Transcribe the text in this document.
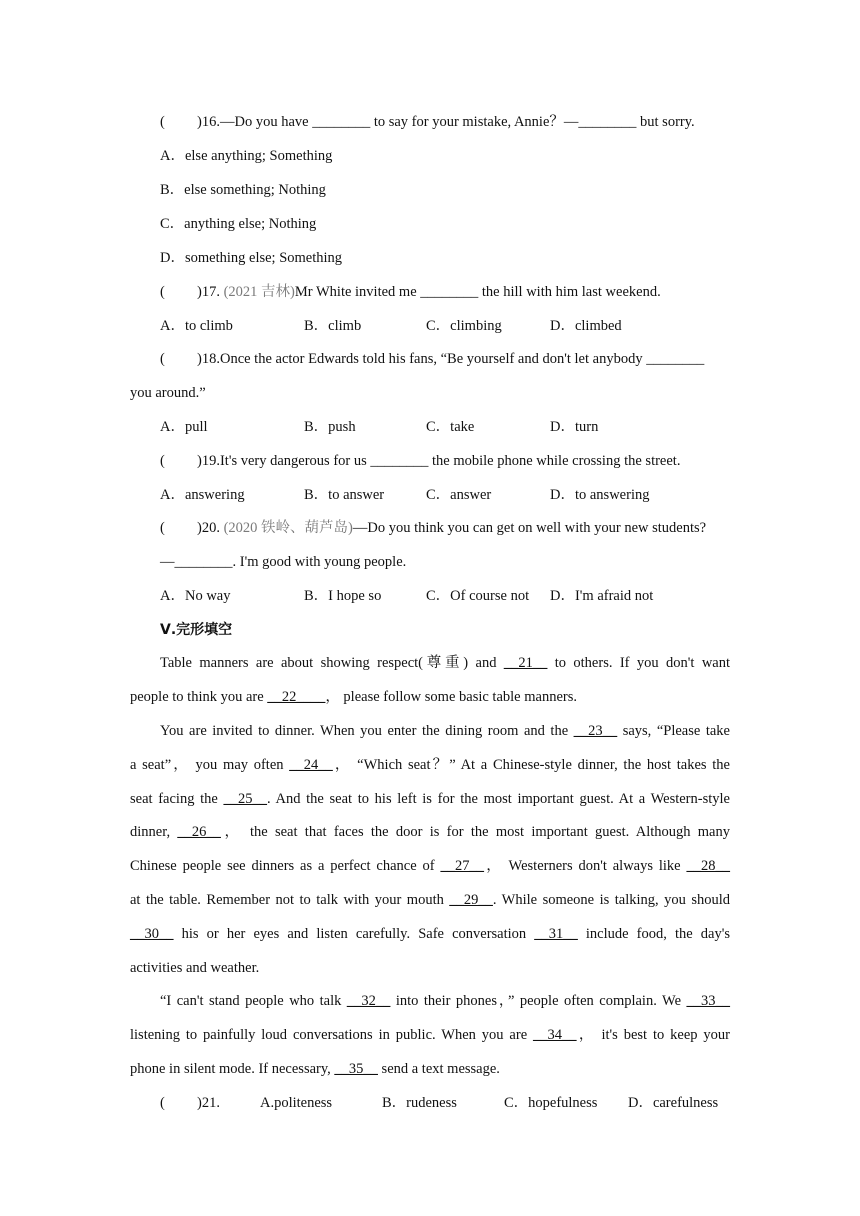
( )16.—Do you have ________ to say for your mistake, Annie？—________ but sorry.
A．else anything; Something
B．else something; Nothing
C．anything else; Nothing
D．something else; Something
( )17. (2021 吉林)Mr White invited me ________ the hill with him last weekend.
A．to climb	B．climb	C．climbing	D．climbed
( )18.Once the actor Edwards told his fans, “Be yourself and don't let anybody ________
you around.”
A．pull	B．push	C．take	D．turn
( )19.It's very dangerous for us ________ the mobile phone while crossing the street.
A．answering	B．to answer	C．answer	D．to answering
( )20. (2020 铁岭、葫芦岛)—Do you think you can get on well with your new students?
—________. I'm good with young people.
A．No way	B．I hope so	C．Of course not	D．I'm afraid not
Ⅴ.完形填空
Table manners are about showing respect(尊重) and __21__ to others. If you don't want
people to think you are __22____， please follow some basic table manners.
You are invited to dinner. When you enter the dining room and the __23__ says, “Please take
a seat”， you may often __24__， “Which seat？” At a Chinese-style dinner, the host takes the
seat facing the __25__. And the seat to his left is for the most important guest. At a Western-style
dinner, __26__， the seat that faces the door is for the most important guest. Although many
Chinese people see dinners as a perfect chance of __27__， Westerners don't always like __28__
at the table. Remember not to talk with your mouth __29__. While someone is talking, you should
__30__ his or her eyes and listen carefully. Safe conversation __31__ include food, the day's
activities and weather.
“I can't stand people who talk __32__ into their phones，” people often complain. We __33__
listening to painfully loud conversations in public. When you are __34__， it's best to keep your
phone in silent mode. If necessary, __35__ send a text message.
( )21.	A.politeness	B．rudeness	C．hopefulness D．carefulness
